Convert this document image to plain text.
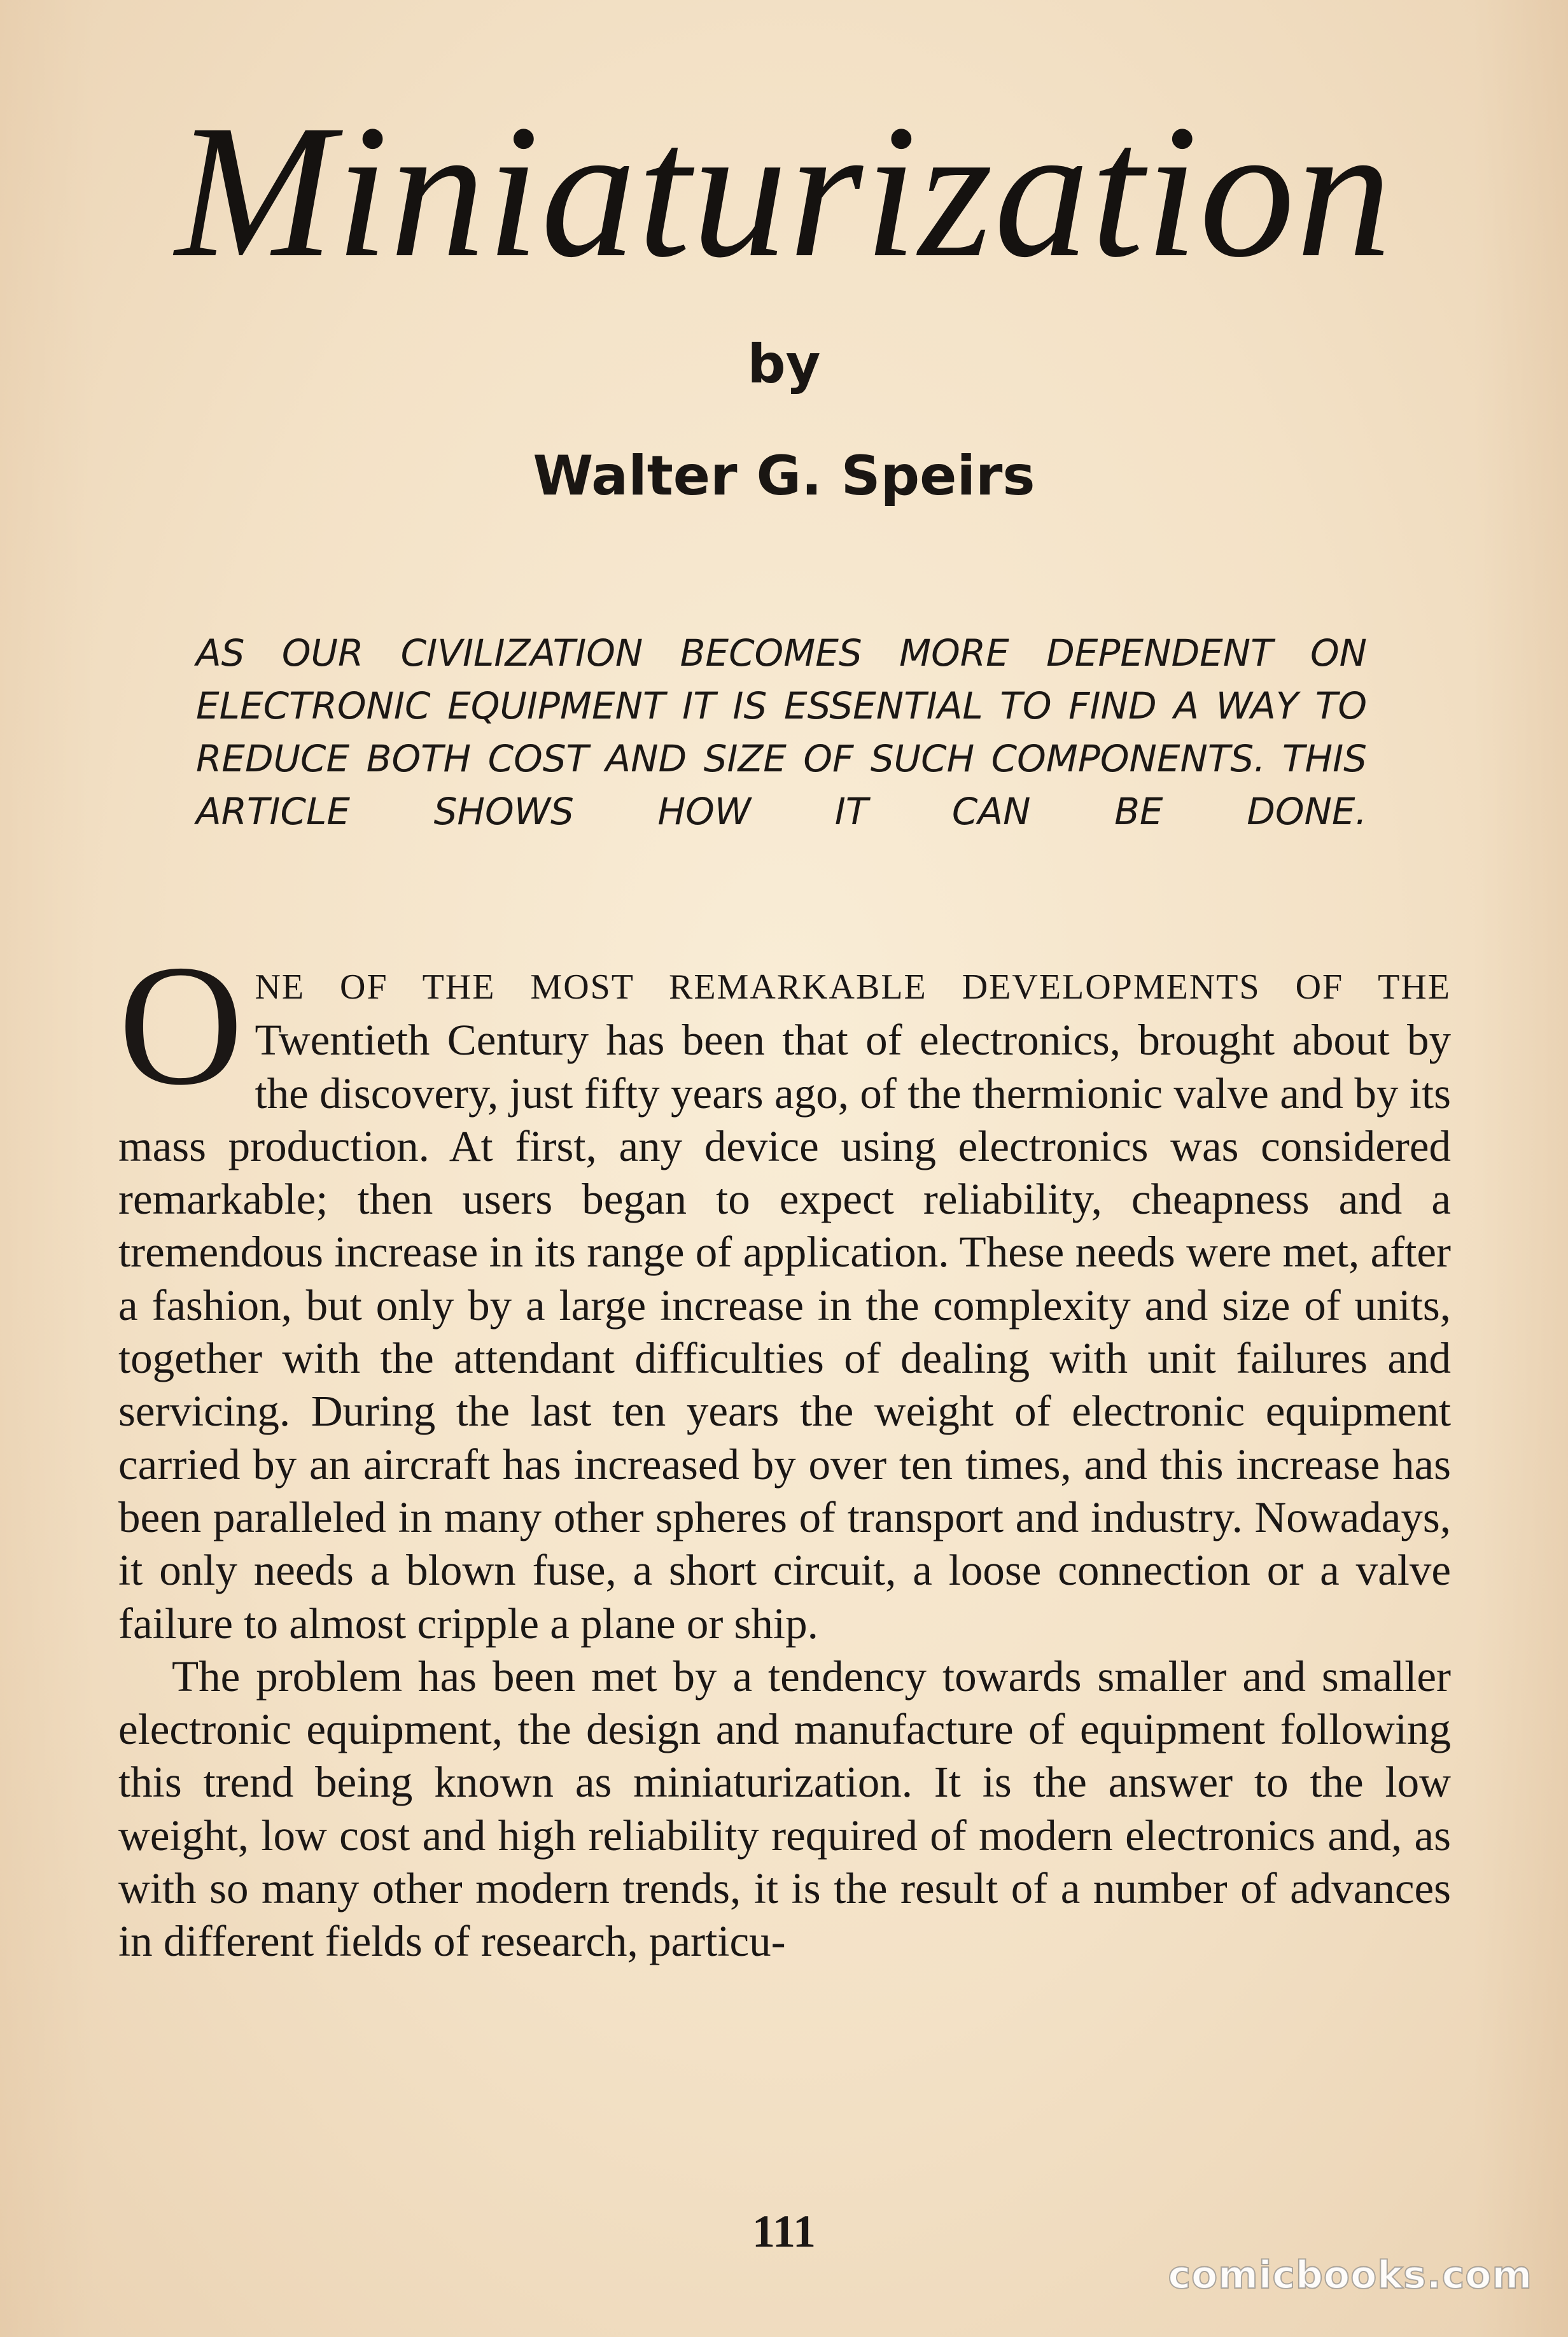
Miniaturization
by
Walter G. Speirs

AS OUR CIVILIZATION BECOMES MORE DEPENDENT ON ELECTRONIC EQUIPMENT IT IS ESSENTIAL TO FIND A WAY TO REDUCE BOTH COST AND SIZE OF SUCH COMPONENTS. THIS ARTICLE SHOWS HOW IT CAN BE DONE.

ONE OF THE MOST REMARKABLE DEVELOPMENTS OF THE Twentieth Century has been that of electronics, brought about by the discovery, just fifty years ago, of the thermionic valve and by its mass production. At first, any device using electronics was considered remarkable; then users began to expect reliability, cheapness and a tremendous increase in its range of application. These needs were met, after a fashion, but only by a large increase in the complexity and size of units, together with the attendant difficulties of dealing with unit failures and servicing. During the last ten years the weight of electronic equipment carried by an aircraft has increased by over ten times, and this increase has been paralleled in many other spheres of transport and industry. Nowadays, it only needs a blown fuse, a short circuit, a loose connection or a valve failure to almost cripple a plane or ship.

The problem has been met by a tendency towards smaller and smaller electronic equipment, the design and manufacture of equipment following this trend being known as miniaturization. It is the answer to the low weight, low cost and high reliability required of modern electronics and, as with so many other modern trends, it is the result of a number of advances in different fields of research, particu-

111
comicbooks.com
